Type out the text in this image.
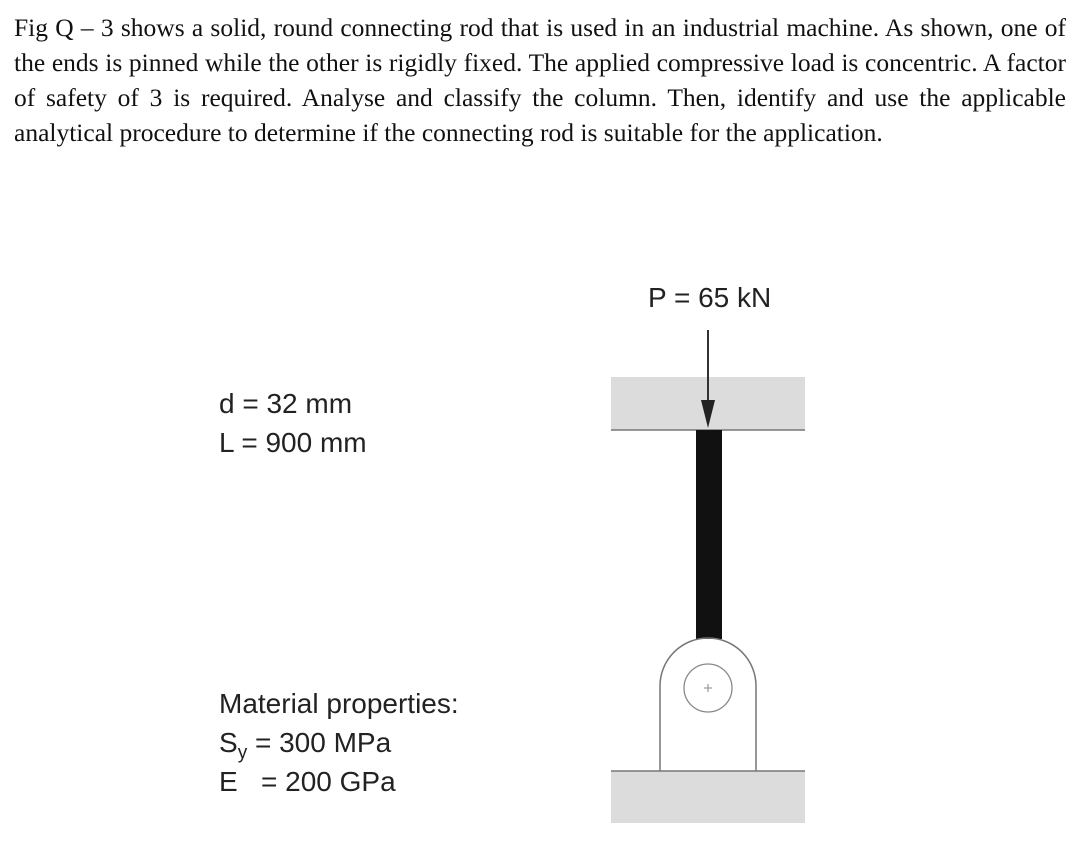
Fig Q – 3 shows a solid, round connecting rod that is used in an industrial machine. As shown, one of the ends is pinned while the other is rigidly fixed. The applied compressive load is concentric. A factor of safety of 3 is required. Analyse and classify the column. Then, identify and use the applicable analytical procedure to determine if the connecting rod is suitable for the application.
P = 65 kN
d = 32 mm
L = 900 mm
Material properties:
$S_y = 300$ MPa
E   = 200 GPa
